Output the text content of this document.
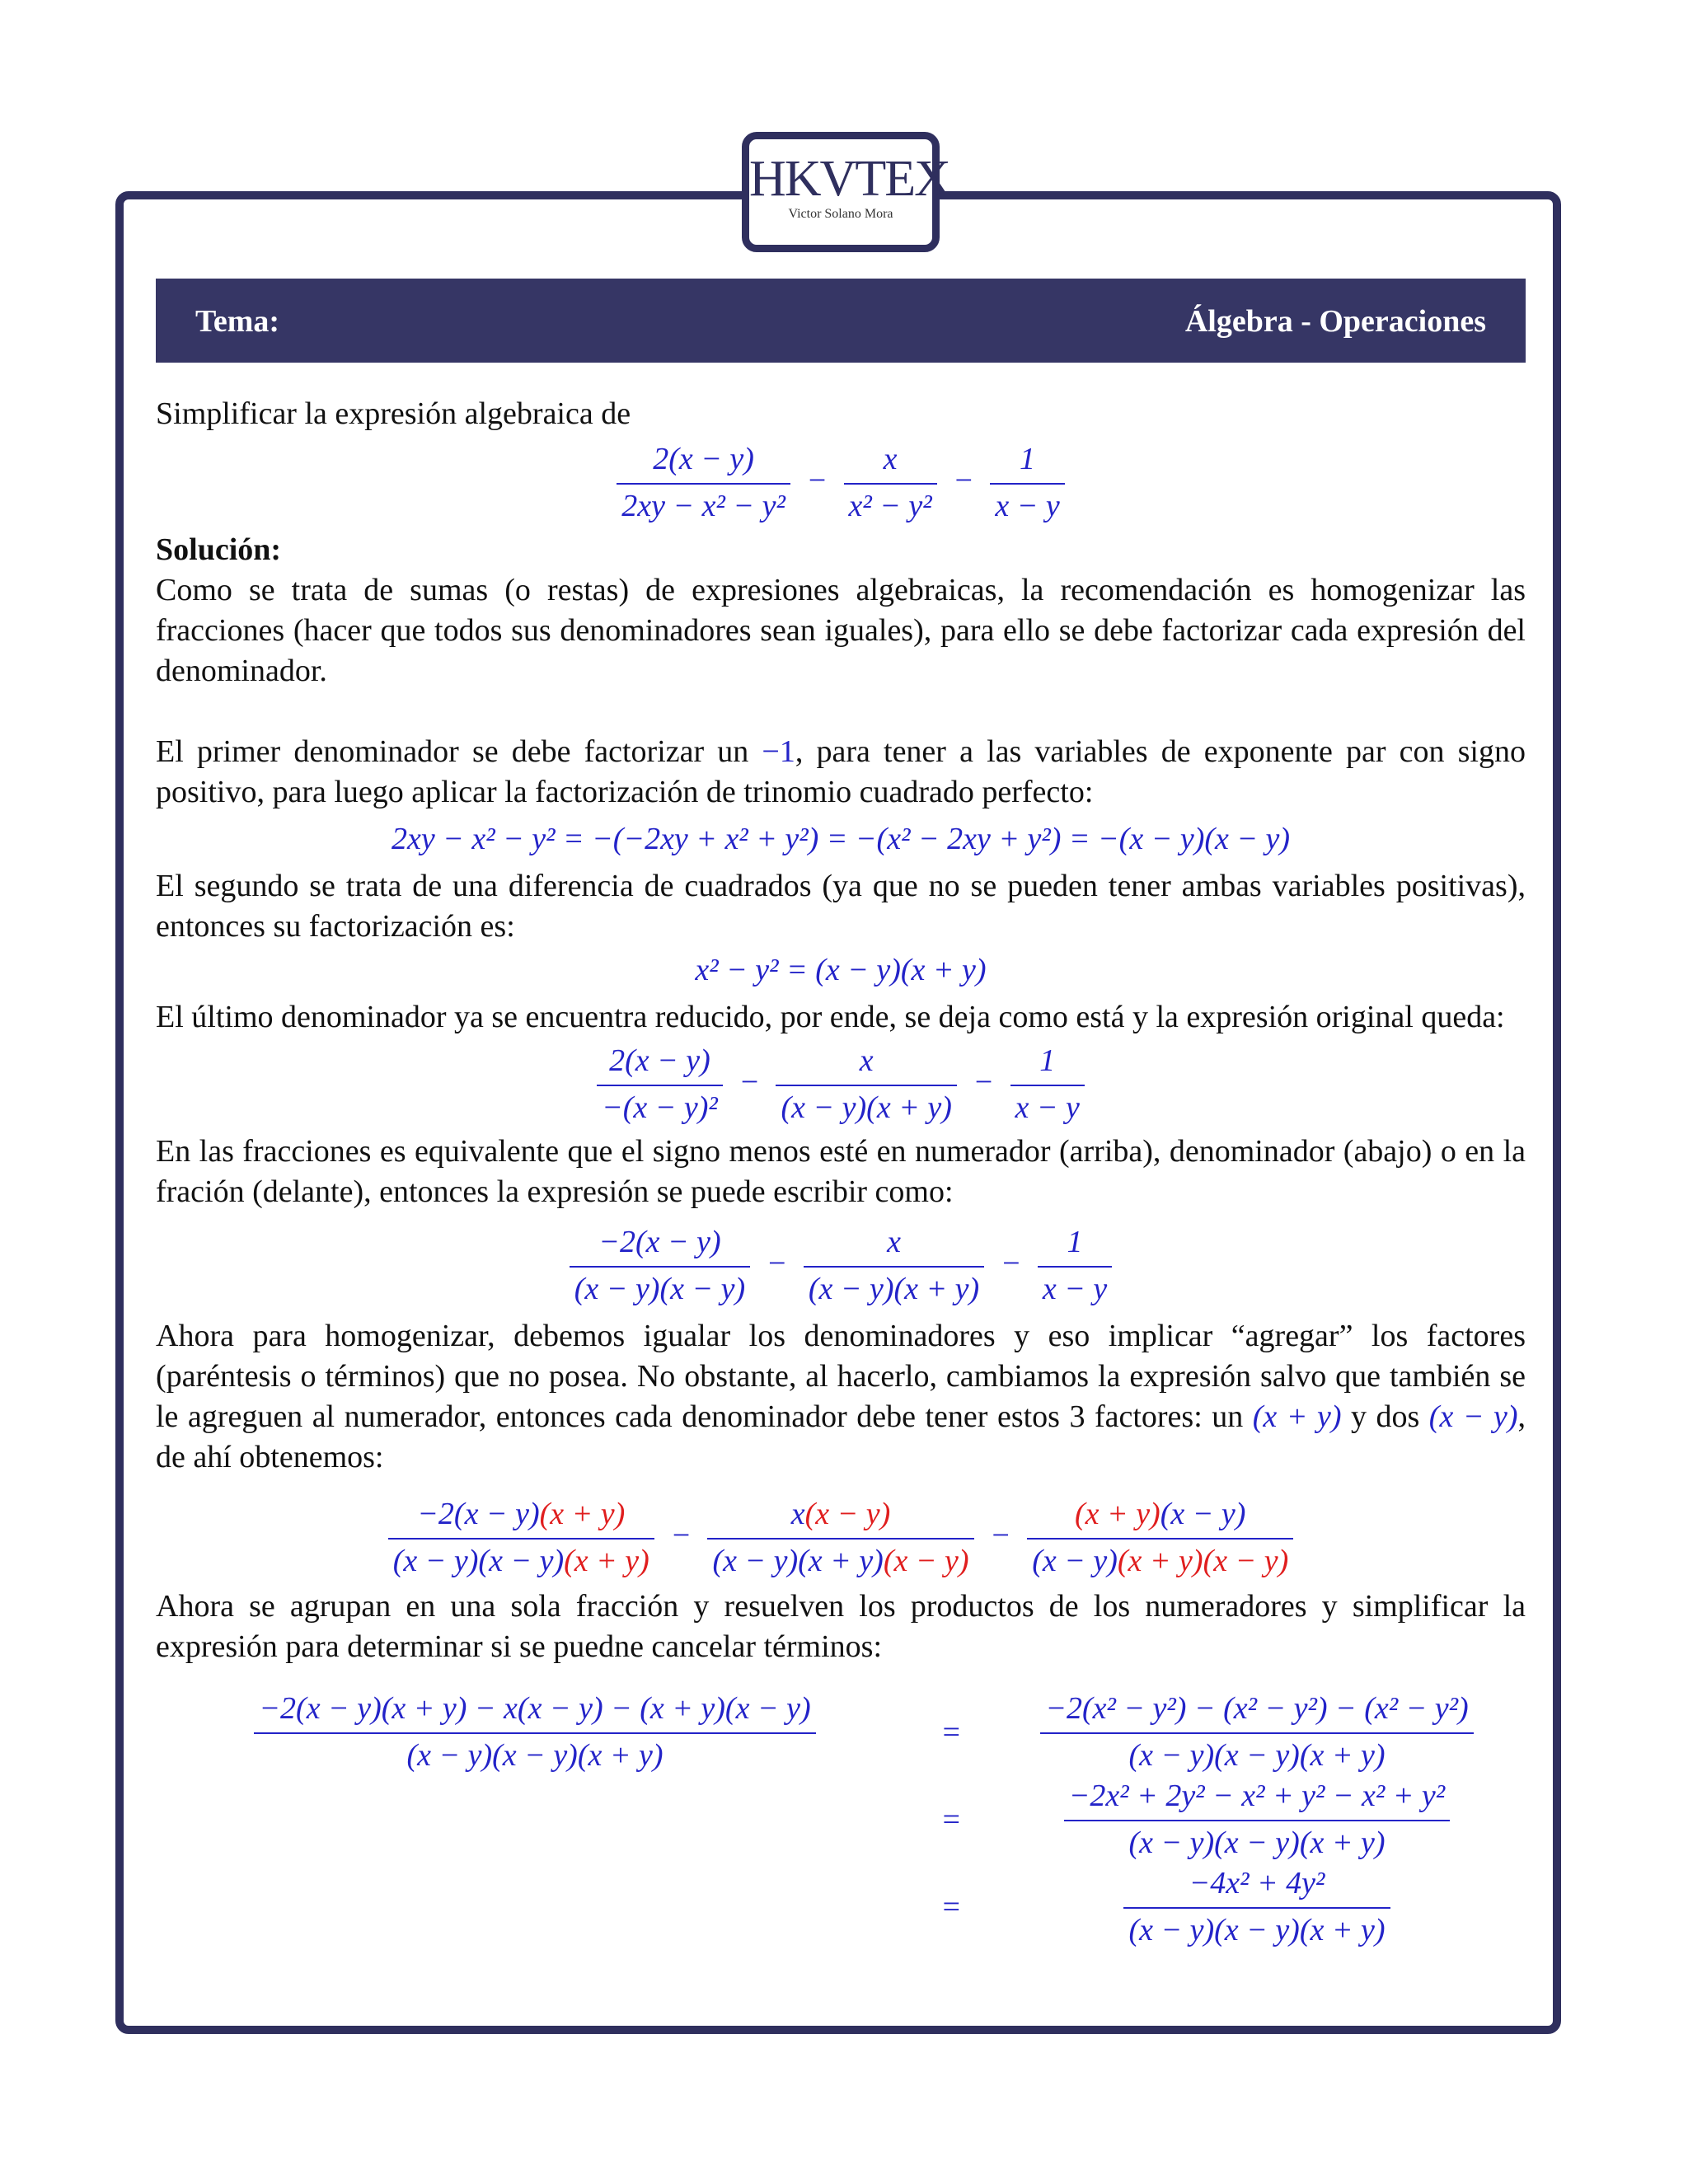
HKVTEX
Victor Solano Mora
Tema:	Álgebra - Operaciones

Simplificar la expresión algebraica de

$\frac{2(x - y)}{\text{2xy − x² − y²}} - \frac{x}{\text{x² − y²}} - \frac{1}{x - y}$

Solución:

Como se trata de sumas (o restas) de expresiones algebraicas, la recomendación es homogenizar las fracciones (hacer que todos sus denominadores sean iguales), para ello se debe factorizar cada expresión del denominador.

El primer denominador se debe factorizar un −1, para tener a las variables de exponente par con signo positivo, para luego aplicar la factorización de trinomio cuadrado perfecto:

2xy − x² − y² = −(−2xy + x² + y²) = −(x² − 2xy + y²) = −(x − y)(x − y)

El segundo se trata de una diferencia de cuadrados (ya que no se pueden tener ambas variables positivas), entonces su factorización es:

x² − y² = (x − y)(x + y)

El último denominador ya se encuentra reducido, por ende, se deja como está y la expresión original queda:

$\frac{2(x - y)}{\text{−(x − y)²}} - \frac{x}{(x - y)(x + y)} - \frac{1}{x - y}$

En las fracciones es equivalente que el signo menos esté en numerador (arriba), denominador (abajo) o en la fración (delante), entonces la expresión se puede escribir como:

$\frac{-2(x - y)}{(x - y)(x - y)} - \frac{x}{(x - y)(x + y)} - \frac{1}{x - y}$

Ahora para homogenizar, debemos igualar los denominadores y eso implicar “agregar” los factores (paréntesis o términos) que no posea. No obstante, al hacerlo, cambiamos la expresión salvo que también se le agreguen al numerador, entonces cada denominador debe tener estos 3 factores: un (x + y) y dos (x − y), de ahí obtenemos:

$\frac{-2(x - y)(x + y)}{(x - y)(x - y)(x + y)} - \frac{x(x - y)}{(x - y)(x + y)(x - y)} - \frac{(x + y)(x - y)}{(x - y)(x + y)(x - y)}$

Ahora se agrupan en una sola fracción y resuelven los productos de los numeradores y simplificar la expresión para determinar si se puedne cancelar términos:

$\frac{-2(x - y)(x + y) - x(x - y) - (x + y)(x - y)}{(x - y)(x - y)(x + y)}$	=	$\frac{\text{−2(x² − y²) − (x² − y²) − (x² − y²)}}{(x - y)(x - y)(x + y)}$
=	$\frac{\text{−2x² + 2y² − x² + y² − x² + y²}}{(x - y)(x - y)(x + y)}$
=	$\frac{\text{−4x² + 4y²}}{(x - y)(x - y)(x + y)}$
